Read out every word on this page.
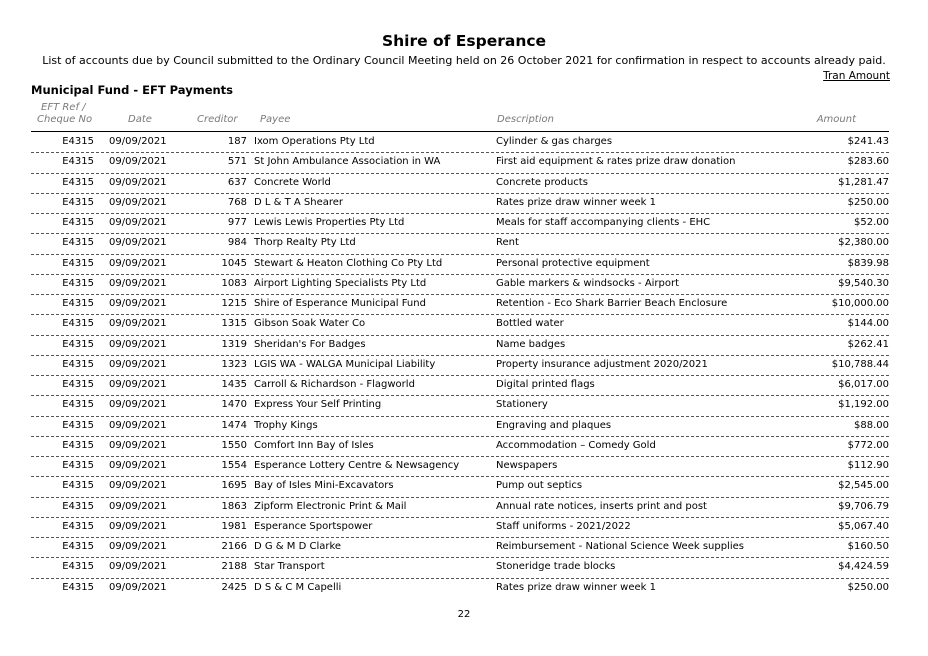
Shire of Esperance
List of accounts due by Council submitted to the Ordinary Council Meeting held on 26 October 2021 for confirmation in respect to accounts already paid.
Tran Amount
Municipal Fund - EFT Payments
EFT Ref /
Cheque No	Date	Creditor Payee	Description	Amount
E4315 09/09/2021	187 Ixom Operations Pty Ltd	Cylinder & gas charges	$241.43
E4315 09/09/2021	571 St John Ambulance Association in WA	First aid equipment & rates prize draw donation	$283.60
E4315 09/09/2021	637 Concrete World	Concrete products	$1,281.47
E4315 09/09/2021	768 D L & T A Shearer	Rates prize draw winner week 1	$250.00
E4315 09/09/2021	977 Lewis Lewis Properties Pty Ltd	Meals for staff accompanying clients - EHC	$52.00
E4315 09/09/2021	984 Thorp Realty Pty Ltd	Rent	$2,380.00
E4315 09/09/2021	1045 Stewart & Heaton Clothing Co Pty Ltd	Personal protective equipment	$839.98
E4315 09/09/2021	1083 Airport Lighting Specialists Pty Ltd	Gable markers & windsocks - Airport	$9,540.30
E4315 09/09/2021	1215 Shire of Esperance Municipal Fund	Retention - Eco Shark Barrier Beach Enclosure	$10,000.00
E4315 09/09/2021	1315 Gibson Soak Water Co	Bottled water	$144.00
E4315 09/09/2021	1319 Sheridan's For Badges	Name badges	$262.41
E4315 09/09/2021	1323 LGIS WA - WALGA Municipal Liability	Property insurance adjustment 2020/2021	$10,788.44
E4315 09/09/2021	1435 Carroll & Richardson - Flagworld	Digital printed flags	$6,017.00
E4315 09/09/2021	1470 Express Your Self Printing	Stationery	$1,192.00
E4315 09/09/2021	1474 Trophy Kings	Engraving and plaques	$88.00
E4315 09/09/2021	1550 Comfort Inn Bay of Isles	Accommodation – Comedy Gold	$772.00
E4315 09/09/2021	1554 Esperance Lottery Centre & Newsagency	Newspapers	$112.90
E4315 09/09/2021	1695 Bay of Isles Mini-Excavators	Pump out septics	$2,545.00
E4315 09/09/2021	1863 Zipform Electronic Print & Mail	Annual rate notices, inserts print and post	$9,706.79
E4315 09/09/2021	1981 Esperance Sportspower	Staff uniforms - 2021/2022	$5,067.40
E4315 09/09/2021	2166 D G & M D Clarke	Reimbursement - National Science Week supplies	$160.50
E4315 09/09/2021	2188 Star Transport	Stoneridge trade blocks	$4,424.59
E4315 09/09/2021	2425 D S & C M Capelli	Rates prize draw winner week 1	$250.00
22
